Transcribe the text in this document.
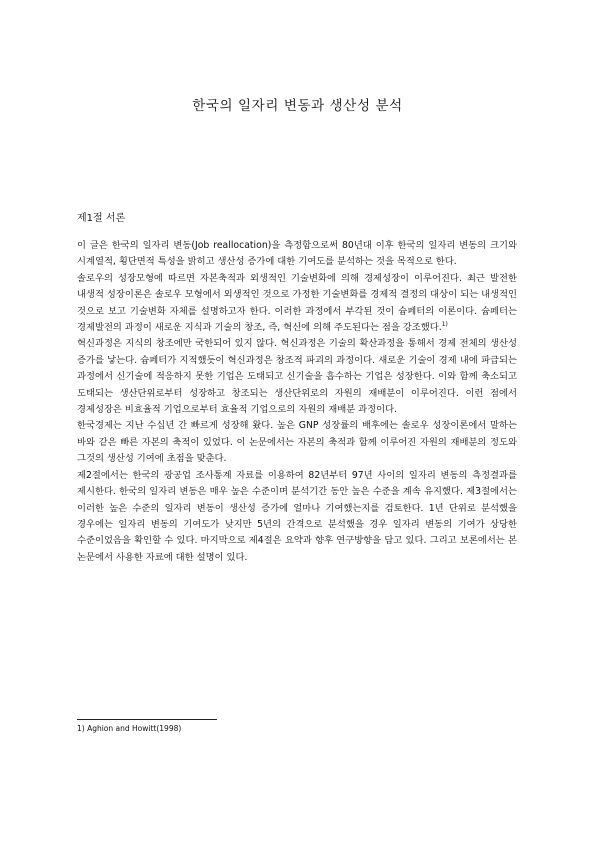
한국의 일자리 변동과 생산성 분석
제1절 서론

이 글은 한국의 일자리 변동(Job reallocation)을 측정함으로써 80년대 이후 한국의 일자리 변동의 크기와 시계열적, 횡단면적 특성을 밝히고 생산성 증가에 대한 기여도를 분석하는 것을 목적으로 한다.

솔로우의 성장모형에 따르면 자본축적과 외생적인 기술변화에 의해 경제성장이 이루어진다. 최근 발전한 내생적 성장이론은 솔로우 모형에서 외생적인 것으로 가정한 기술변화를 경제적 결정의 대상이 되는 내생적인 것으로 보고 기술변화 자체를 설명하고자 한다. 이러한 과정에서 부각된 것이 슘페터의 이론이다. 슘페터는 경제발전의 과정이 새로운 지식과 기술의 창조, 즉, 혁신에 의해 주도된다는 점을 강조했다.$^{1)}$

혁신과정은 지식의 창조에만 국한되어 있지 않다. 혁신과정은 기술의 확산과정을 통해서 경제 전체의 생산성 증가를 낳는다. 슘페터가 지적했듯이 혁신과정은 창조적 파괴의 과정이다. 새로운 기술이 경제 내에 파급되는 과정에서 신기술에 적응하지 못한 기업은 도태되고 신기술을 흡수하는 기업은 성장한다. 이와 함께 축소되고 도태되는 생산단위로부터 성장하고 창조되는 생산단위로의 자원의 재배분이 이루어진다. 이런 점에서 경제성장은 비효율적 기업으로부터 효율적 기업으로의 자원의 재배분 과정이다.

한국경제는 지난 수십년 간 빠르게 성장해 왔다. 높은 GNP 성장률의 배후에는 솔로우 성장이론에서 말하는 바와 같은 빠른 자본의 축적이 있었다. 이 논문에서는 자본의 축적과 함께 이루어진 자원의 재배분의 정도와 그것의 생산성 기여에 초점을 맞춘다.

제2절에서는 한국의 광공업 조사통계 자료를 이용하여 82년부터 97년 사이의 일자리 변동의 측정결과를 제시한다. 한국의 일자리 변동은 매우 높은 수준이며 분석기간 동안 높은 수준을 계속 유지했다. 제3절에서는 이러한 높은 수준의 일자리 변동이 생산성 증가에 얼마나 기여했는지를 검토한다. 1년 단위로 분석했을 경우에는 일자리 변동의 기여도가 낮지만 5년의 간격으로 분석했을 경우 일자리 변동의 기여가 상당한 수준이었음을 확인할 수 있다. 마지막으로 제4절은 요약과 향후 연구방향을 담고 있다. 그리고 보론에서는 본 논문에서 사용한 자료에 대한 설명이 있다.

1) Aghion and Howitt(1998)
